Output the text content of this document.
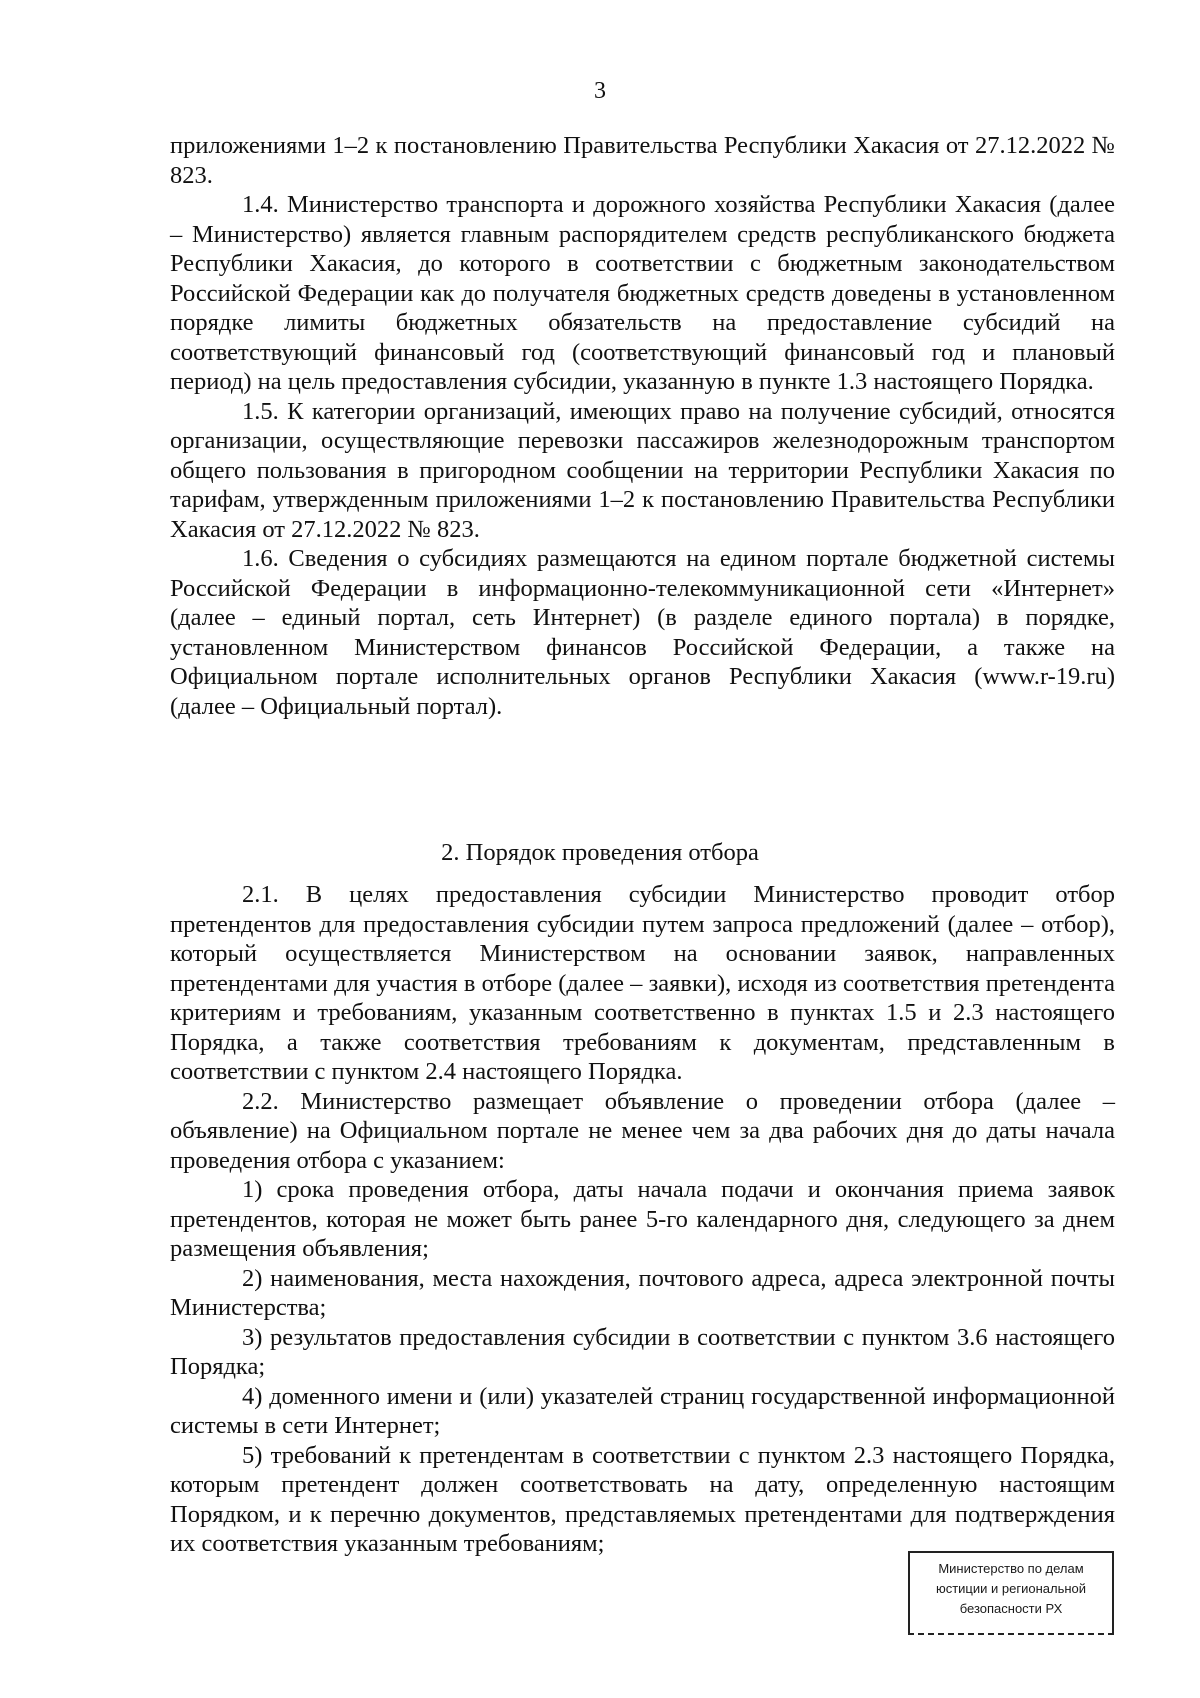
3

приложениями 1–2 к постановлению Правительства Республики Хакасия от 27.12.2022 № 823.

1.4. Министерство транспорта и дорожного хозяйства Республики Хакасия (далее – Министерство) является главным распорядителем средств республиканского бюджета Республики Хакасия, до которого в соответствии с бюджетным законодательством Российской Федерации как до получателя бюджетных средств доведены в установленном порядке лимиты бюджетных обязательств на предоставление субсидий на соответствующий финансовый год (соответствующий финансовый год и плановый период) на цель предоставления субсидии, указанную в пункте 1.3 настоящего Порядка.

1.5. К категории организаций, имеющих право на получение субсидий, относятся организации, осуществляющие перевозки пассажиров железнодорожным транспортом общего пользования в пригородном сообщении на территории Республики Хакасия по тарифам, утвержденным приложениями 1–2 к постановлению Правительства Республики Хакасия от 27.12.2022 № 823.

1.6. Сведения о субсидиях размещаются на едином портале бюджетной системы Российской Федерации в информационно-телекоммуникационной сети «Интернет» (далее – единый портал, сеть Интернет) (в разделе единого портала) в порядке, установленном Министерством финансов Российской Федерации, а также на Официальном портале исполнительных органов Республики Хакасия (www.r-19.ru) (далее – Официальный портал).

2. Порядок проведения отбора

2.1. В целях предоставления субсидии Министерство проводит отбор претендентов для предоставления субсидии путем запроса предложений (далее – отбор), который осуществляется Министерством на основании заявок, направленных претендентами для участия в отборе (далее – заявки), исходя из соответствия претендента критериям и требованиям, указанным соответственно в пунктах 1.5 и 2.3 настоящего Порядка, а также соответствия требованиям к документам, представленным в соответствии с пунктом 2.4 настоящего Порядка.

2.2. Министерство размещает объявление о проведении отбора (далее – объявление) на Официальном портале не менее чем за два рабочих дня до даты начала проведения отбора с указанием:

1) срока проведения отбора, даты начала подачи и окончания приема заявок претендентов, которая не может быть ранее 5-го календарного дня, следующего за днем размещения объявления;

2) наименования, места нахождения, почтового адреса, адреса электронной почты Министерства;

3) результатов предоставления субсидии в соответствии с пунктом 3.6 настоящего Порядка;

4) доменного имени и (или) указателей страниц государственной информационной системы в сети Интернет;

5) требований к претендентам в соответствии с пунктом 2.3 настоящего Порядка, которым претендент должен соответствовать на дату, определенную настоящим Порядком, и к перечню документов, представляемых претендентами для подтверждения их соответствия указанным требованиям;

Министерство по делам
юстиции и региональной
безопасности РХ
